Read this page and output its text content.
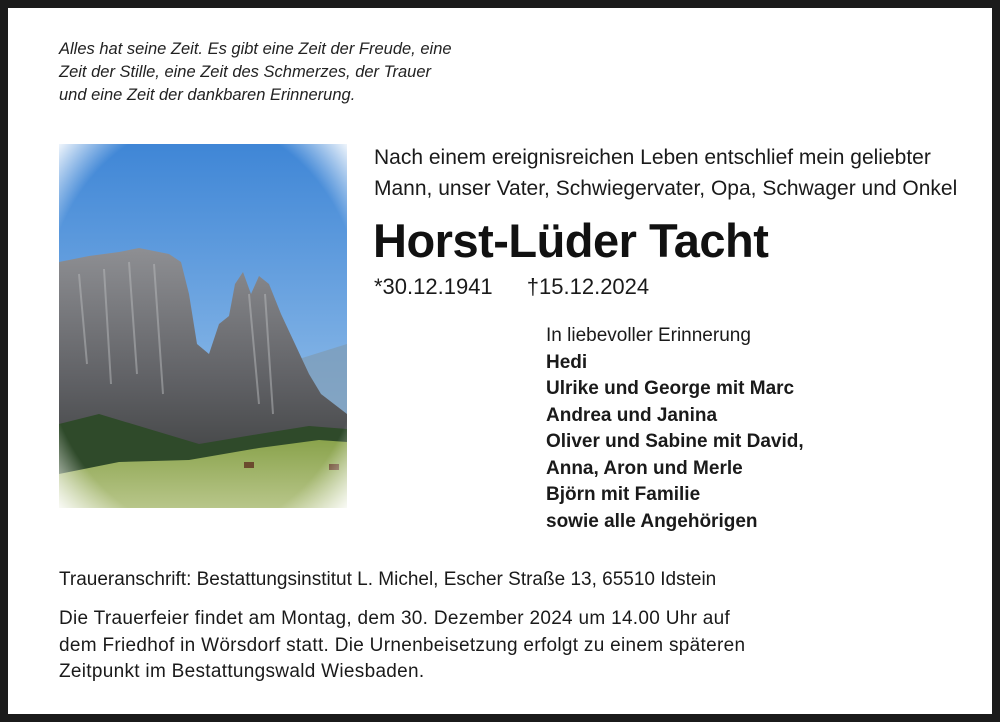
Alles hat seine Zeit. Es gibt eine Zeit der Freude, eine
Zeit der Stille, eine Zeit des Schmerzes, der Trauer
und eine Zeit der dankbaren Erinnerung.
Nach einem ereignisreichen Leben entschlief mein geliebter
Mann, unser Vater, Schwiegervater, Opa, Schwager und Onkel
Horst-Lüder Tacht
*30.12.1941 †15.12.2024
In liebevoller Erinnerung
Hedi
Ulrike und George mit Marc
Andrea und Janina
Oliver und Sabine mit David,
Anna, Aron und Merle
Björn mit Familie
sowie alle Angehörigen
Traueranschrift: Bestattungsinstitut L. Michel, Escher Straße 13, 65510 Idstein
Die Trauerfeier findet am Montag, dem 30. Dezember 2024 um 14.00 Uhr auf
dem Friedhof in Wörsdorf statt. Die Urnenbeisetzung erfolgt zu einem späteren
Zeitpunkt im Bestattungswald Wiesbaden.
